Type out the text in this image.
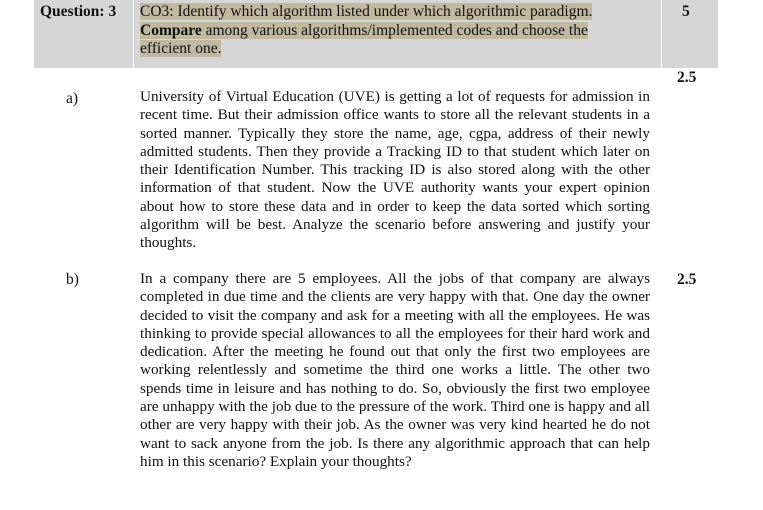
Question: 3 CO3: Identify which algorithm listed under which algorithmic paradigm.
Compare among various algorithms/implemented codes and choose the efficient one.
5
2.5
a)	University of Virtual Education (UVE) is getting a lot of requests for admission in recent time. But their admission office wants to store all the relevant students in a sorted manner. Typically they store the name, age, cgpa, address of their newly admitted students. Then they provide a Tracking ID to that student which later on their Identification Number. This tracking ID is also stored along with the other information of that student. Now the UVE authority wants your expert opinion about how to store these data and in order to keep the data sorted which sorting algorithm will be best. Analyze the scenario before answering and justify your thoughts.
b)	2.5
In a company there are 5 employees. All the jobs of that company are always completed in due time and the clients are very happy with that. One day the owner decided to visit the company and ask for a meeting with all the employees. He was thinking to provide special allowances to all the employees for their hard work and dedication. After the meeting he found out that only the first two employees are working relentlessly and sometime the third one works a little. The other two spends time in leisure and has nothing to do. So, obviously the first two employee are unhappy with the job due to the pressure of the work. Third one is happy and all other are very happy with their job. As the owner was very kind hearted he do not want to sack anyone from the job. Is there any algorithmic approach that can help him in this scenario? Explain your thoughts?
